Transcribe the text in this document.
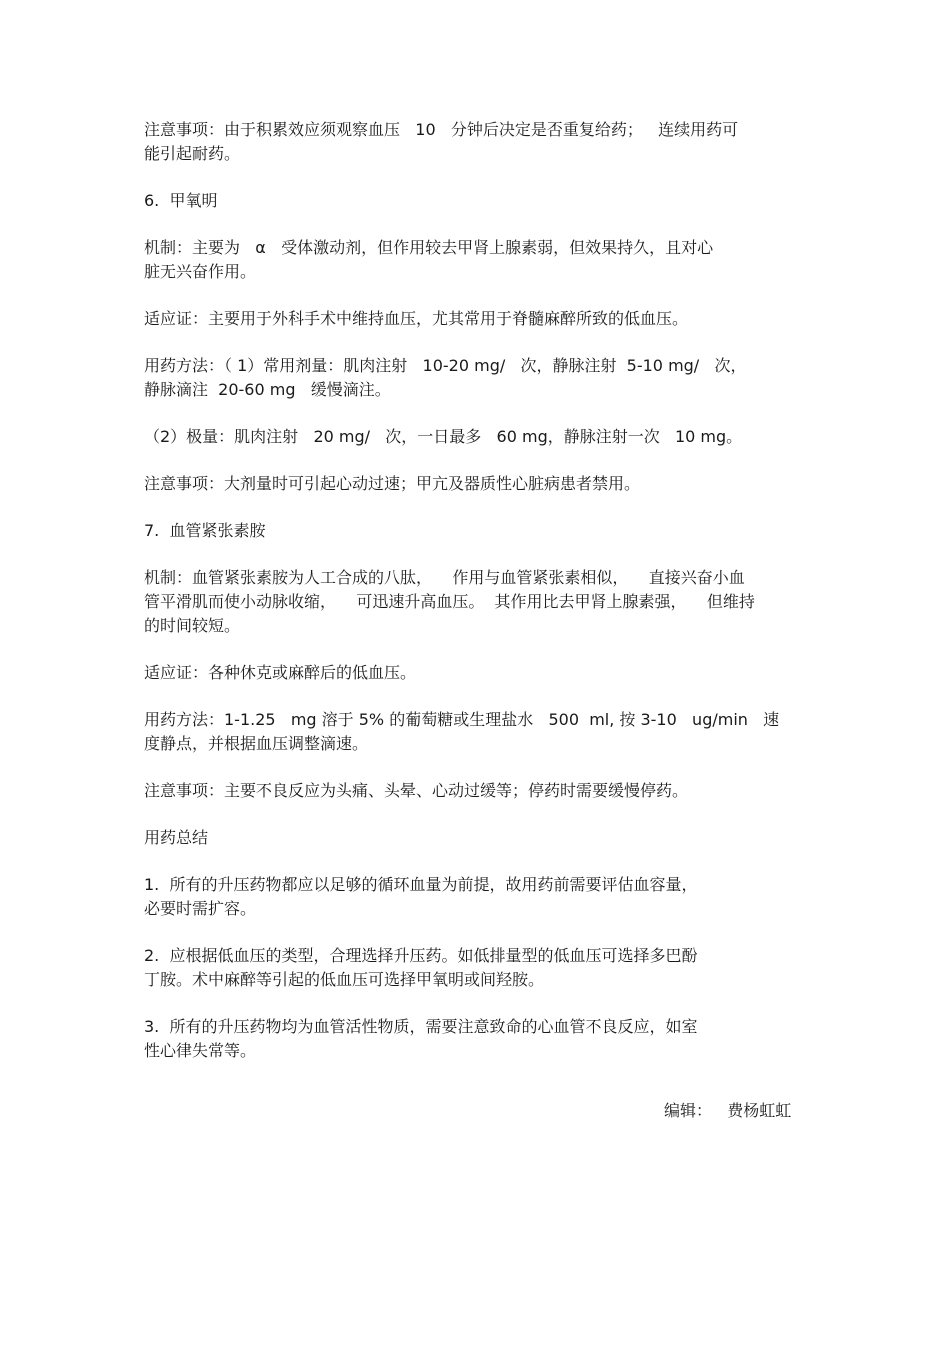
注意事项：由于积累效应须观察血压   10   分钟后决定是否重复给药；   连续用药可
能引起耐药。

6.  甲氧明

机制：主要为   α   受体激动剂，但作用较去甲肾上腺素弱，但效果持久，且对心
脏无兴奋作用。

适应证：主要用于外科手术中维持血压，尤其常用于脊髓麻醉所致的低血压。

用药方法：（ 1）常用剂量：肌肉注射   10-20 mg/   次，静脉注射  5-10 mg/   次，
静脉滴注  20-60 mg   缓慢滴注。

（2）极量：肌肉注射   20 mg/   次，一日最多   60 mg，静脉注射一次   10 mg。

注意事项：大剂量时可引起心动过速；甲亢及器质性心脏病患者禁用。

7.  血管紧张素胺

机制：血管紧张素胺为人工合成的八肽，    作用与血管紧张素相似，    直接兴奋小血
管平滑肌而使小动脉收缩，    可迅速升高血压。  其作用比去甲肾上腺素强，    但维持
的时间较短。

适应证：各种休克或麻醉后的低血压。

用药方法：1-1.25   mg 溶于 5% 的葡萄糖或生理盐水   500  ml, 按 3-10   ug/min   速
度静点，并根据血压调整滴速。

注意事项：主要不良反应为头痛、头晕、心动过缓等；停药时需要缓慢停药。

用药总结

1.  所有的升压药物都应以足够的循环血量为前提，故用药前需要评估血容量，
必要时需扩容。

2.  应根据低血压的类型，合理选择升压药。如低排量型的低血压可选择多巴酚
丁胺。术中麻醉等引起的低血压可选择甲氧明或间羟胺。

3.  所有的升压药物均为血管活性物质，需要注意致命的心血管不良反应，如室
性心律失常等。

编辑：   费杨虹虹
